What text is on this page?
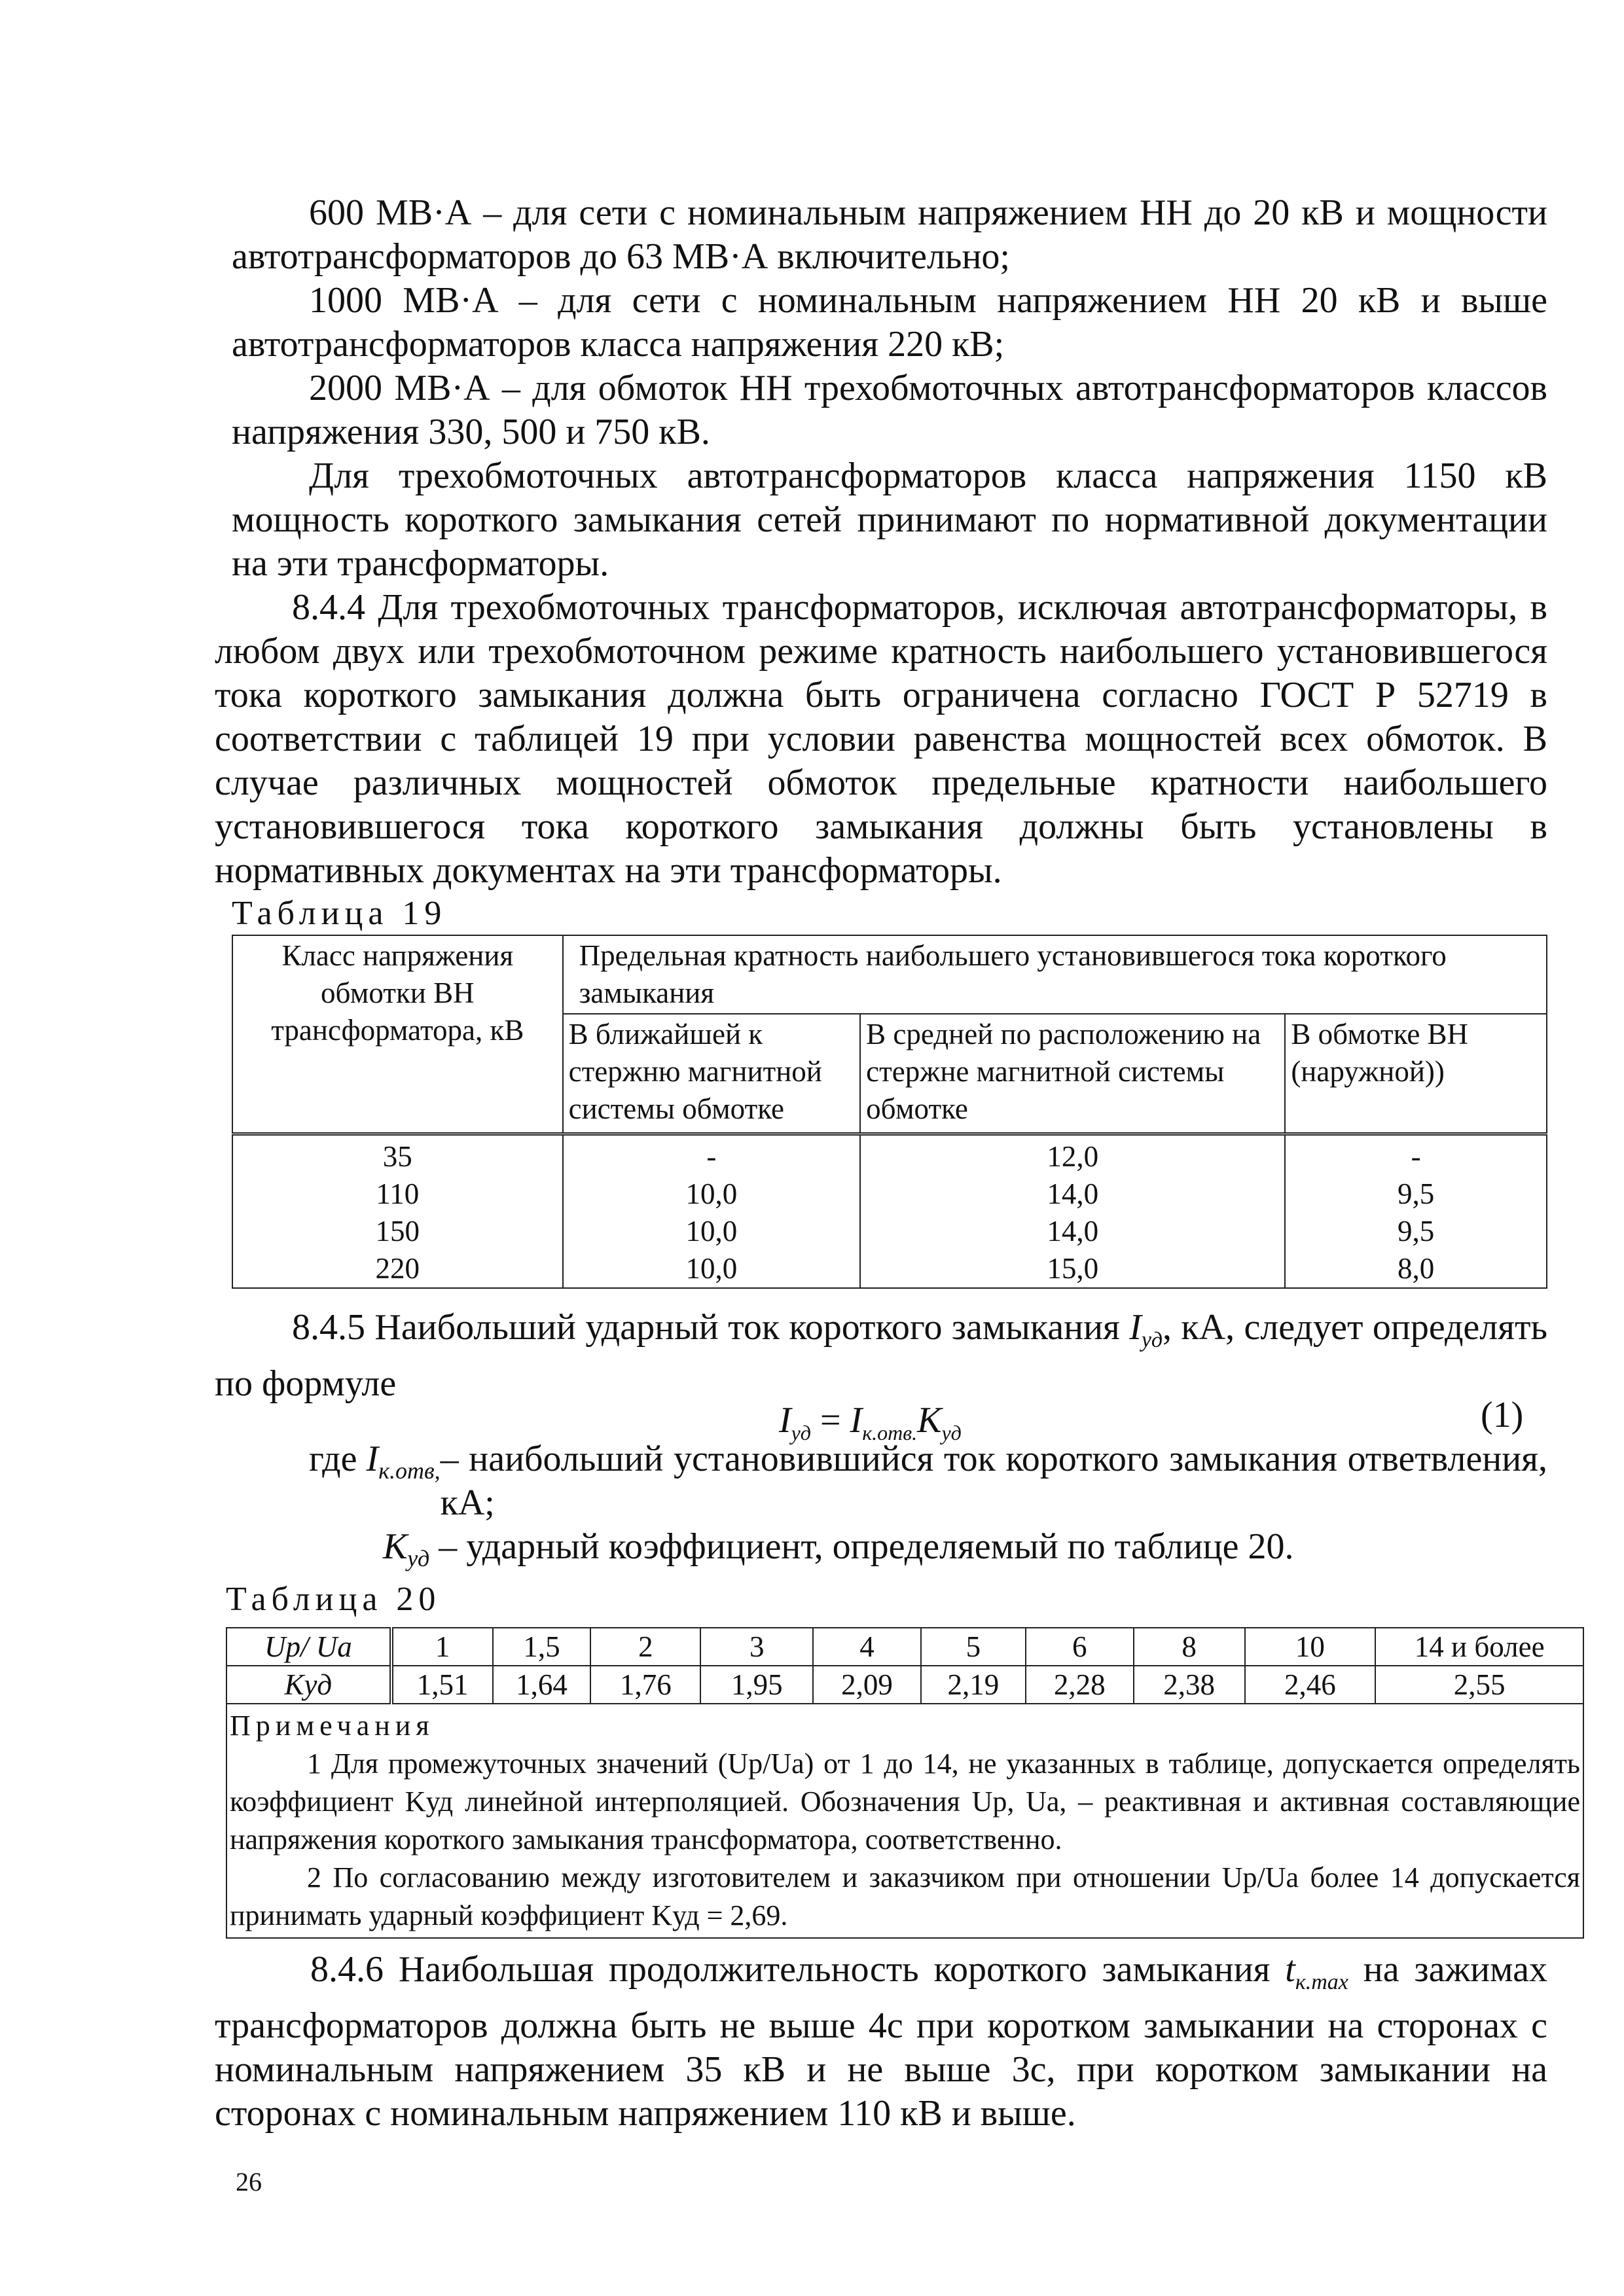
600 МВ·А – для сети с номинальным напряжением НН до 20 кВ и мощности автотрансформаторов до 63 МВ·А включительно;
1000 МВ·А – для сети с номинальным напряжением НН 20 кВ и выше автотрансформаторов класса напряжения 220 кВ;
2000 МВ·А – для обмоток НН трехобмоточных автотрансформаторов классов напряжения 330, 500 и 750 кВ.
Для трехобмоточных автотрансформаторов класса напряжения 1150 кВ мощность короткого замыкания сетей принимают по нормативной документации на эти трансформаторы.
8.4.4 Для трехобмоточных трансформаторов, исключая автотрансформаторы, в любом двух или трехобмоточном режиме кратность наибольшего установившегося тока короткого замыкания должна быть ограничена согласно ГОСТ Р 52719 в соответствии с таблицей 19 при условии равенства мощностей всех обмоток. В случае различных мощностей обмоток предельные кратности наибольшего установившегося тока короткого замыкания должны быть установлены в нормативных документах на эти трансформаторы.
Таблица 19
Класс напряжения обмотки ВН трансформатора, кВ	Предельная кратность наибольшего установившегося тока короткого замыкания		
	В ближайшей к стержню магнитной системы обмотке	В средней по расположению на стержне магнитной системы обмотке	В обмотке ВН (наружной))
35	-	12,0	-
110	10,0	14,0	9,5
150	10,0	14,0	9,5
220	10,0	15,0	8,0
8.4.5 Наибольший ударный ток короткого замыкания $I_{уд}$, кА, следует определять по формуле
$I_{уд} = I_{к.отв.}K_{уд}$	(1)
где $I_{к.отв,}$ – наибольший установившийся ток короткого замыкания ответвления, кА;
$К_{уд}$ – ударный коэффициент, определяемый по таблице 20.
Таблица 20
Up/ Ua	1	1,5	2	3	4	5	6	8	10	14 и более
Kуд	1,51	1,64	1,76	1,95	2,09	2,19	2,28	2,38	2,46	2,55

Примечания
1 Для промежуточных значений (Up/Ua) от 1 до 14, не указанных в таблице, допускается определять коэффициент Kуд линейной интерполяцией. Обозначения Up, Ua, – реактивная и активная составляющие напряжения короткого замыкания трансформатора, соответственно.
2 По согласованию между изготовителем и заказчиком при отношении Up/Ua более 14 допускается принимать ударный коэффициент Kуд = 2,69.										
8.4.6 Наибольшая продолжительность короткого замыкания $t_{к.max}$ на зажимах трансформаторов должна быть не выше 4с при коротком замыкании на сторонах с номинальным напряжением 35 кВ и не выше 3с, при коротком замыкании на сторонах с номинальным напряжением 110 кВ и выше.
26
